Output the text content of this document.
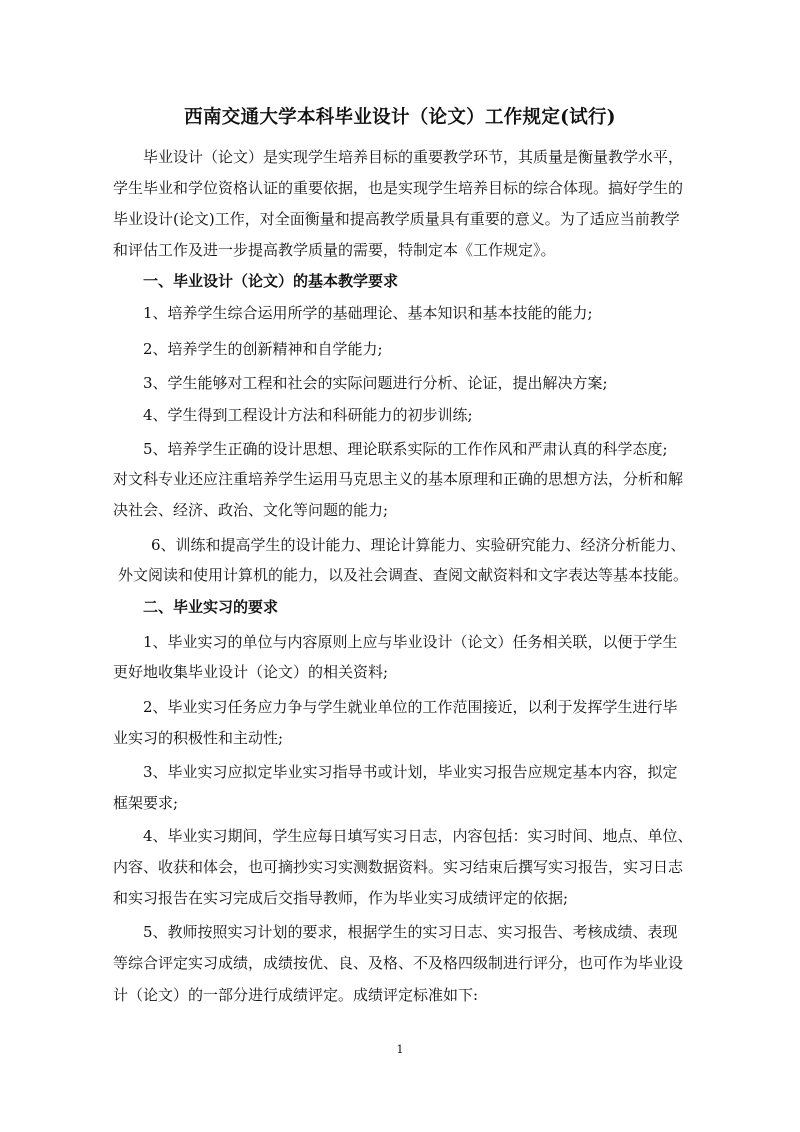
西南交通大学本科毕业设计（论文）工作规定(试行)
毕业设计（论文）是实现学生培养目标的重要教学环节，其质量是衡量教学水平，
学生毕业和学位资格认证的重要依据，也是实现学生培养目标的综合体现。搞好学生的
毕业设计(论文)工作，对全面衡量和提高教学质量具有重要的意义。为了适应当前教学
和评估工作及进一步提高教学质量的需要，特制定本《工作规定》。
一、毕业设计（论文）的基本教学要求
1、培养学生综合运用所学的基础理论、基本知识和基本技能的能力;
2、培养学生的创新精神和自学能力;
3、学生能够对工程和社会的实际问题进行分析、论证，提出解决方案;
4、学生得到工程设计方法和科研能力的初步训练;
5、培养学生正确的设计思想、理论联系实际的工作作风和严肃认真的科学态度;
对文科专业还应注重培养学生运用马克思主义的基本原理和正确的思想方法，分析和解
决社会、经济、政治、文化等问题的能力;
6、训练和提高学生的设计能力、理论计算能力、实验研究能力、经济分析能力、
外文阅读和使用计算机的能力，以及社会调查、查阅文献资料和文字表达等基本技能。
二、毕业实习的要求
1、毕业实习的单位与内容原则上应与毕业设计（论文）任务相关联，以便于学生
更好地收集毕业设计（论文）的相关资料;
2、毕业实习任务应力争与学生就业单位的工作范围接近，以利于发挥学生进行毕
业实习的积极性和主动性;
3、毕业实习应拟定毕业实习指导书或计划，毕业实习报告应规定基本内容，拟定
框架要求;
4、毕业实习期间，学生应每日填写实习日志，内容包括：实习时间、地点、单位、
内容、收获和体会，也可摘抄实习实测数据资料。实习结束后撰写实习报告，实习日志
和实习报告在实习完成后交指导教师，作为毕业实习成绩评定的依据;
5、教师按照实习计划的要求，根据学生的实习日志、实习报告、考核成绩、表现
等综合评定实习成绩，成绩按优、良、及格、不及格四级制进行评分，也可作为毕业设
计（论文）的一部分进行成绩评定。成绩评定标准如下:
1
